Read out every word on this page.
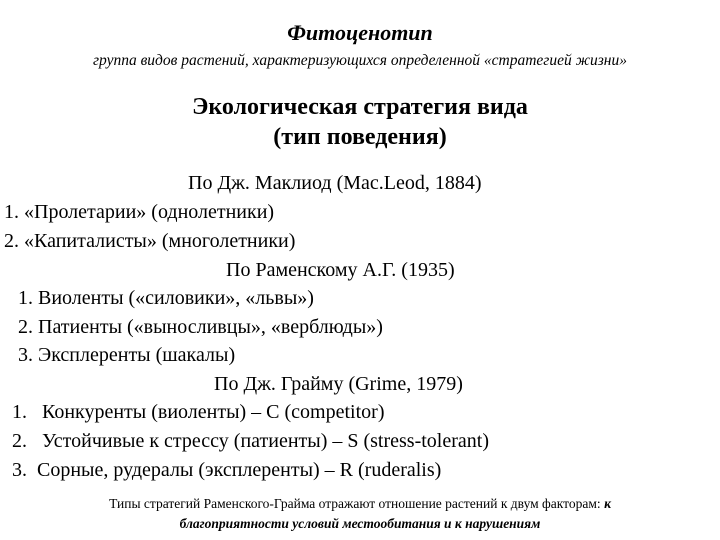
Фитоценотип
группа видов растений, характеризующихся определенной «стратегией жизни»
Экологическая стратегия вида
(тип поведения)
По Дж. Маклиод (Mac.Leod, 1884)
1. «Пролетарии» (однолетники)
2. «Капиталисты» (многолетники)
По Раменскому А.Г. (1935)
1. Виоленты («силовики», «львы»)
2. Патиенты («выносливцы», «верблюды»)
3. Эксплеренты (шакалы)
По Дж. Грайму (Grime, 1979)
1.   Конкуренты (виоленты) – C (competitor)
2.   Устойчивые к стрессу (патиенты) – S (stress-tolerant)
3.  Сорные, рудералы (эксплеренты) – R (ruderalis)
Типы стратегий Раменского-Грайма отражают отношение растений к двум факторам: к
благоприятности условий местообитания и к нарушениям
